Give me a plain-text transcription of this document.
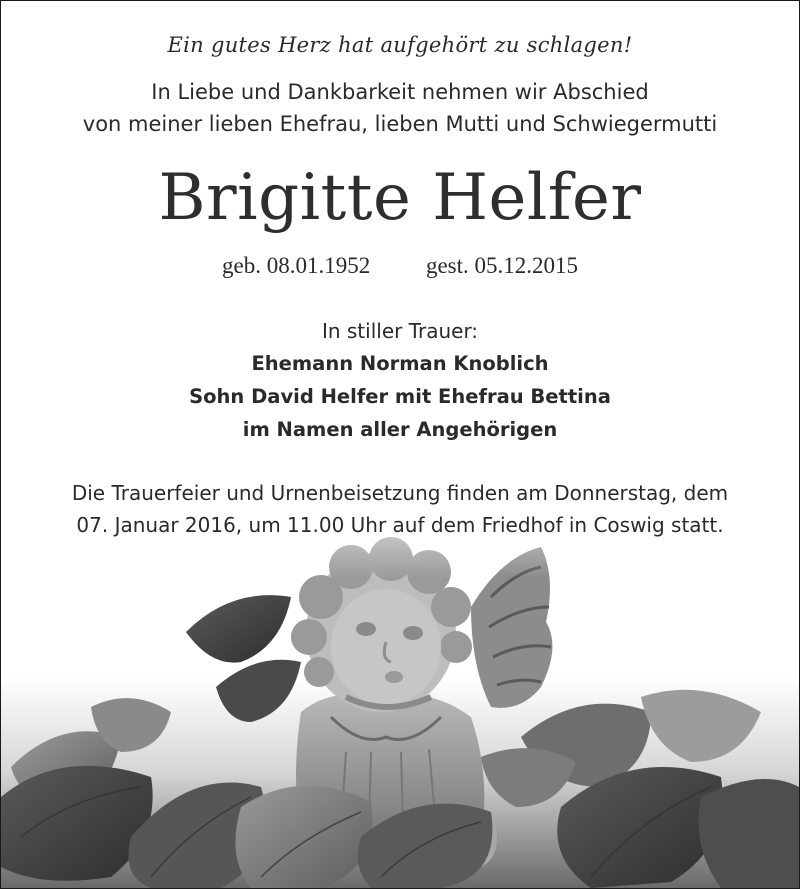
Ein gutes Herz hat aufgehört zu schlagen!
In Liebe und Dankbarkeit nehmen wir Abschied
von meiner lieben Ehefrau, lieben Mutti und Schwiegermutti
Brigitte Helfer
geb. 08.01.1952 gest. 05.12.2015
In stiller Trauer:
Ehemann Norman Knoblich
Sohn David Helfer mit Ehefrau Bettina
im Namen aller Angehörigen
Die Trauerfeier und Urnenbeisetzung finden am Donnerstag, dem
07. Januar 2016, um 11.00 Uhr auf dem Friedhof in Coswig statt.
